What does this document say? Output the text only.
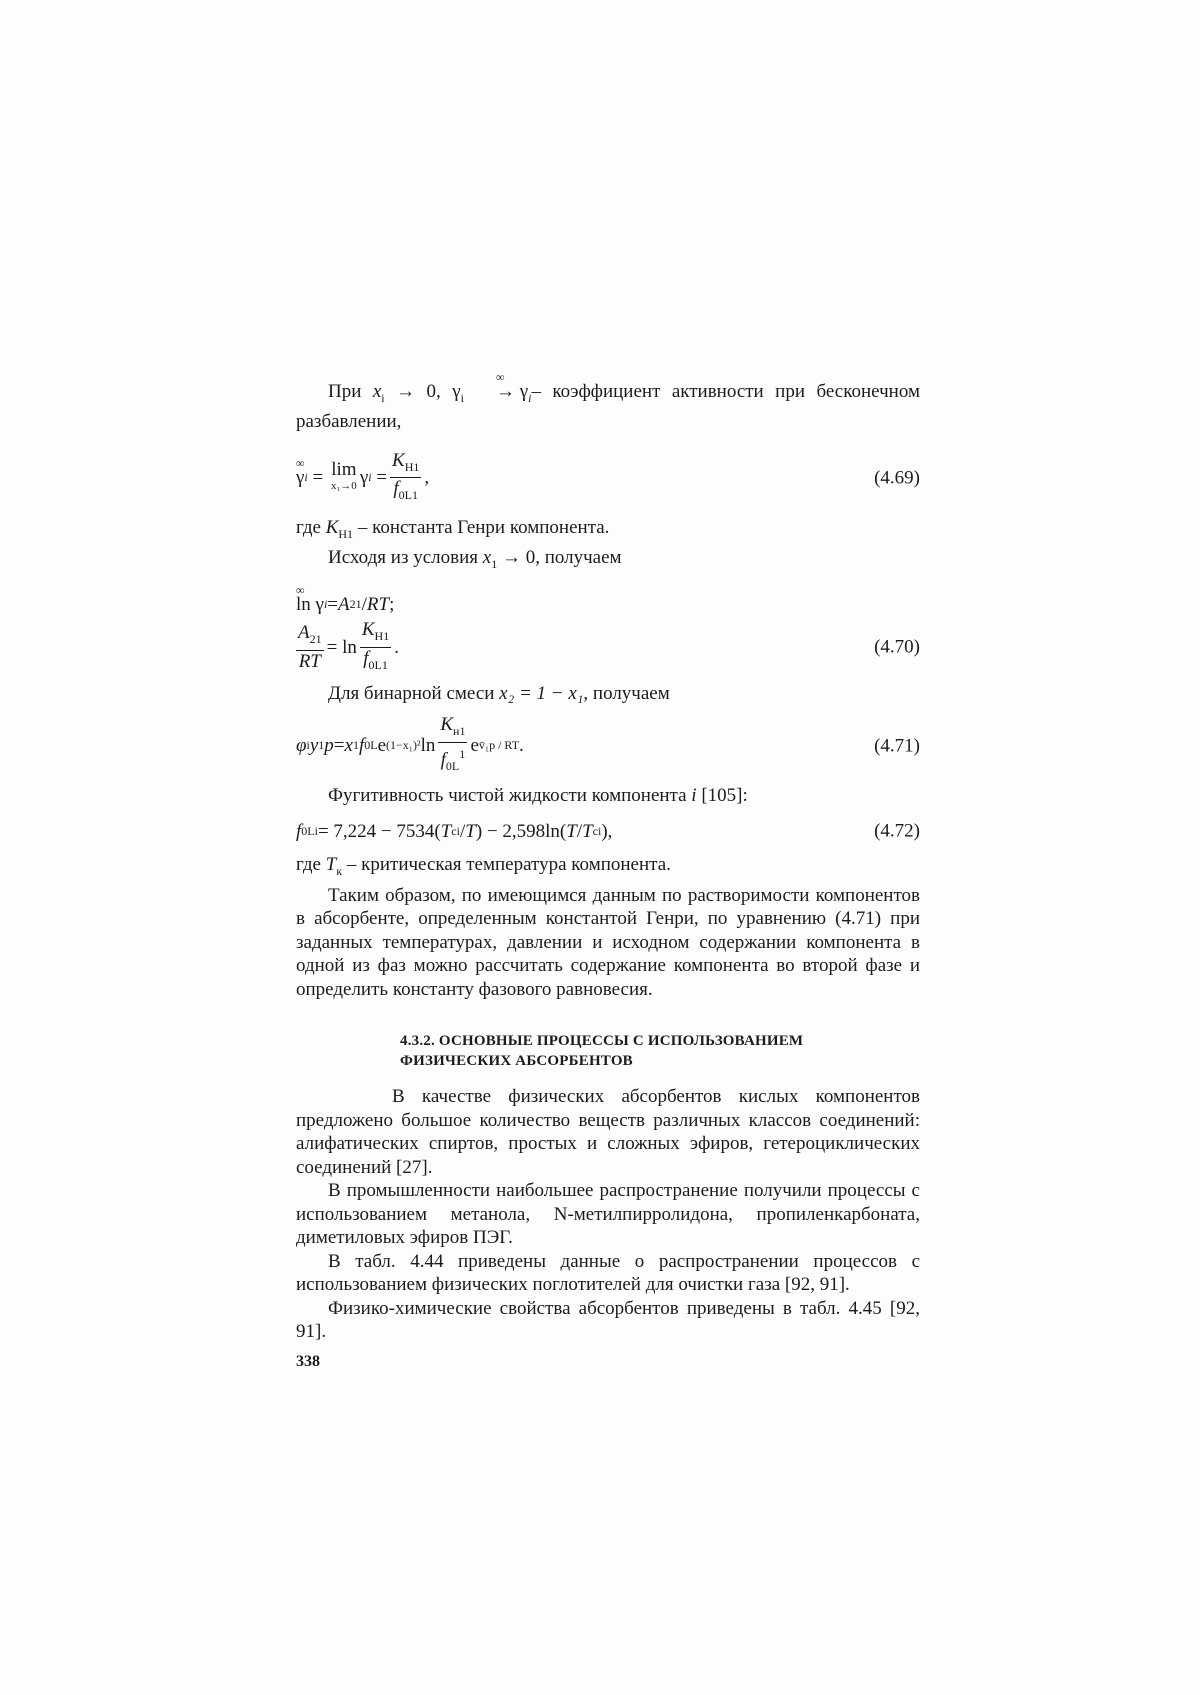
При $x_i \to 0$, $\gamma_i\infty \to \gamma_i-$ коэффициент активности при бесконечном разбавлении,

∞ γ i = lim
x₁→0 γ $i = \frac{K_{Н1}}{f_{0L1}}$ ,	(4.69)

где $K_{Н1}$ – константа Генри компонента.

Исходя из условия $x_1 \to 0$, получаем

∞ ln γ i = A 21 / RT ;
$\frac{A_{21}}{RT} = \ln \frac{K_{Н1}}{f_{0L1}}$ .	(4.70)

Для бинарной смеси x₂ = 1 − x₁, получаем

φ i y 1 p = x 1 f 0L e (1−x₁)² $\ln \frac{K_{н1}}{f_{0L}^1}$ e v̄₁p / RT .	(4.71)

Фугитивность чистой жидкости компонента i [105]:

f 0Li = 7,224 − 7534( T ci / T ) − 2,598ln( T / T ci ),	(4.72)

где $T_к$ – критическая температура компонента.

Таким образом, по имеющимся данным по растворимости компонентов в абсорбенте, определенным константой Генри, по уравнению (4.71) при заданных температурах, давлении и исходном содержании компонента в одной из фаз можно рассчитать содержание компонента во второй фазе и определить константу фазового равновесия.

4.3.2. ОСНОВНЫЕ ПРОЦЕССЫ С ИСПОЛЬЗОВАНИЕМ
ФИЗИЧЕСКИХ АБСОРБЕНТОВ

В качестве физических абсорбентов кислых компонентов предложено большое количество веществ различных классов соединений: алифатических спиртов, простых и сложных эфиров, гетероциклических соединений [27].

В промышленности наибольшее распространение получили процессы с использованием метанола, N-метилпирролидона, пропиленкарбоната, диметиловых эфиров ПЭГ.

В табл. 4.44 приведены данные о распространении процессов с использованием физических поглотителей для очистки газа [92, 91].

Физико-химические свойства абсорбентов приведены в табл. 4.45 [92, 91].

338
